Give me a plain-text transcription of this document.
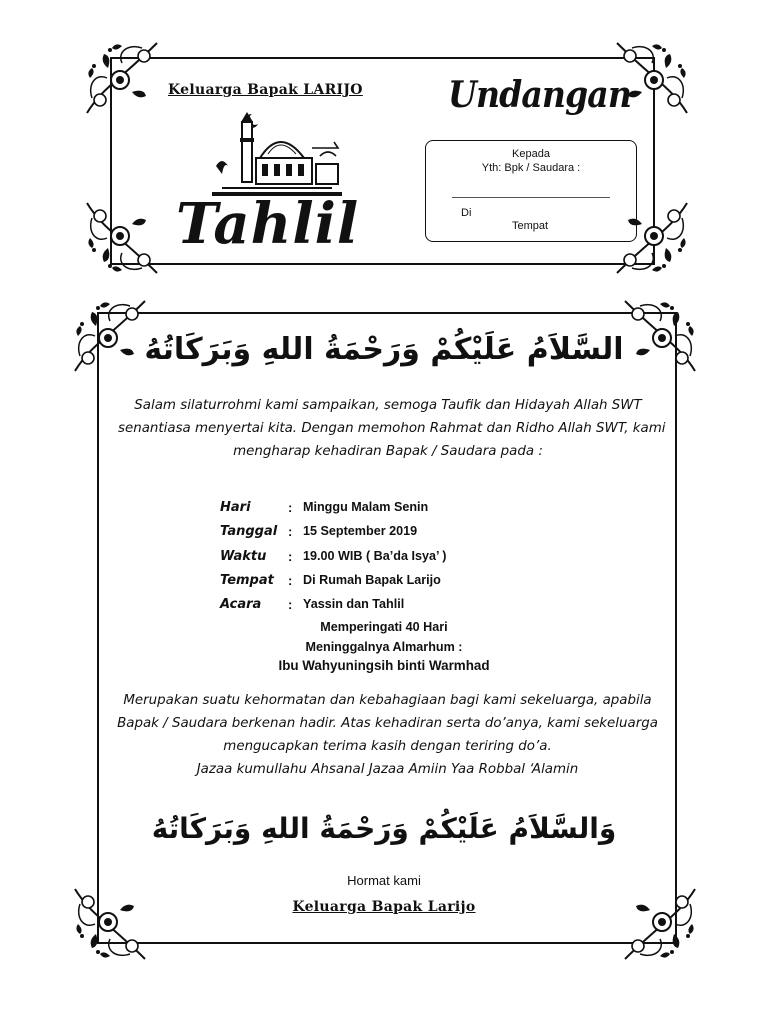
Keluarga Bapak LARIJO Undangan
Tahlil
Kepada
Yth: Bpk / Saudara :
Di
Tempat
السَّلاَمُ عَلَيْكُمْ وَرَحْمَةُ اللهِ وَبَرَكَاتُهُ
Salam silaturrohmi kami sampaikan, semoga Taufik dan Hidayah Allah SWT
senantiasa menyertai kita. Dengan memohon Rahmat dan Ridho Allah SWT, kami
mengharap kehadiran Bapak / Saudara pada :
Hari	: Minggu Malam Senin
Tanggal : 15 September 2019
Waktu : 19.00 WIB ( Ba’da Isya’ )
Tempat : Di Rumah Bapak Larijo
Acara : Yassin dan Tahlil
Memperingati 40 Hari
Meninggalnya Almarhum :
Ibu Wahyuningsih binti Warmhad
Merupakan suatu kehormatan dan kebahagiaan bagi kami sekeluarga, apabila
Bapak / Saudara berkenan hadir. Atas kehadiran serta do’anya, kami sekeluarga
mengucapkan terima kasih dengan teriring do’a.
Jazaa kumullahu Ahsanal Jazaa Amiin Yaa Robbal ‘Alamin
وَالسَّلاَمُ عَلَيْكُمْ وَرَحْمَةُ اللهِ وَبَرَكَاتُهُ
Hormat kami
Keluarga Bapak Larijo
